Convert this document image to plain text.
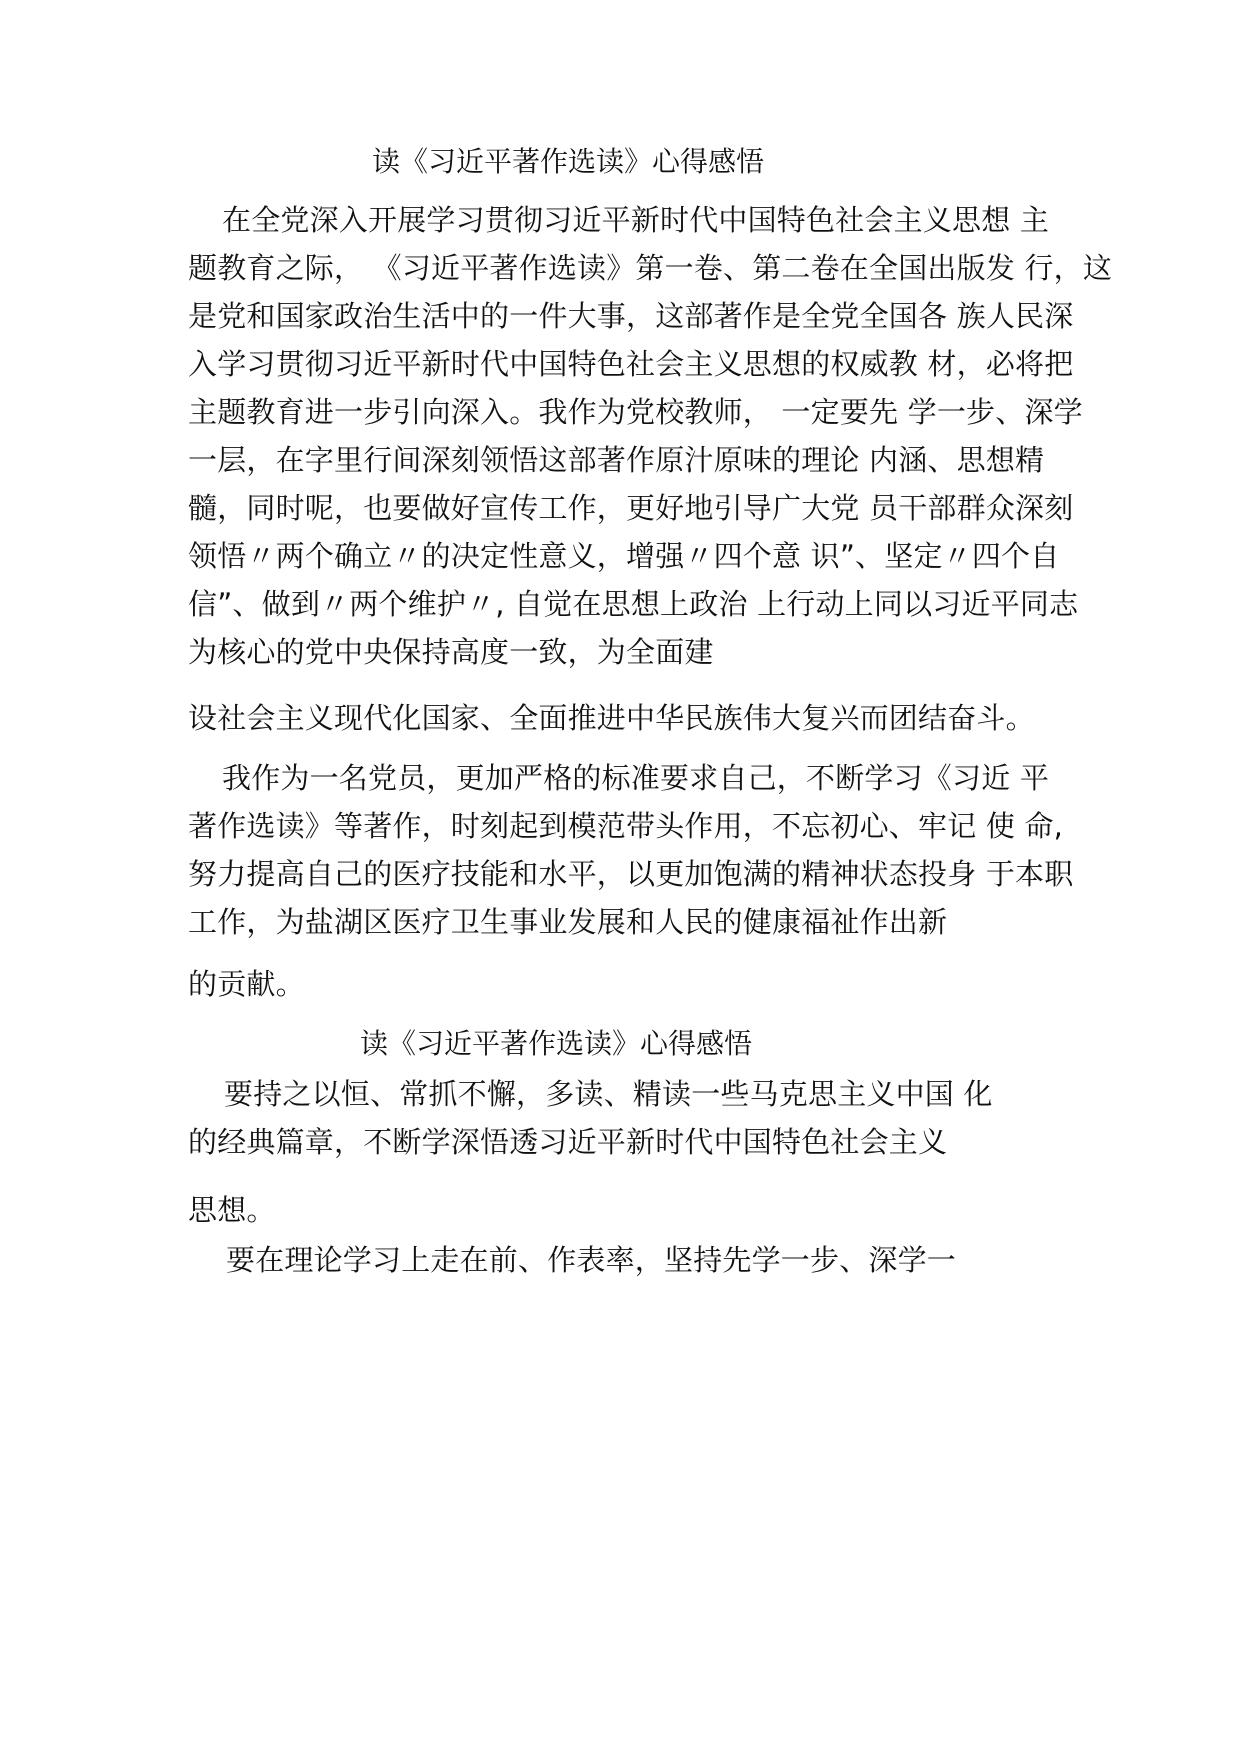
读《习近平著作选读》心得感悟
在全党深入开展学习贯彻习近平新时代中国特色社会主义思想 主
题教育之际， 《习近平著作选读》第一卷、第二卷在全国出版发 行，这
是党和国家政治生活中的一件大事，这部著作是全党全国各 族人民深
入学习贯彻习近平新时代中国特色社会主义思想的权威教 材，必将把
主题教育进一步引向深入。我作为党校教师， 一定要先 学一步、深学
一层，在字里行间深刻领悟这部著作原汁原味的理论 内涵、思想精
髓，同时呢，也要做好宣传工作，更好地引导广大党 员干部群众深刻
领悟〃两个确立〃的决定性意义，增强〃四个意 识”、坚定〃四个自
信”、做到〃两个维护〃, 自觉在思想上政治 上行动上同以习近平同志
为核心的党中央保持高度一致，为全面建
设社会主义现代化国家、全面推进中华民族伟大复兴而团结奋斗。
我作为一名党员，更加严格的标准要求自己，不断学习《习近 平
著作选读》等著作，时刻起到模范带头作用，不忘初心、牢记 使 命,
努力提高自己的医疗技能和水平，以更加饱满的精神状态投身 于本职
工作，为盐湖区医疗卫生事业发展和人民的健康福祉作出新
的贡献。
读《习近平著作选读》心得感悟
要持之以恒、常抓不懈，多读、精读一些马克思主义中国 化
的经典篇章，不断学深悟透习近平新时代中国特色社会主义
思想。
要在理论学习上走在前、作表率，坚持先学一步、深学一
